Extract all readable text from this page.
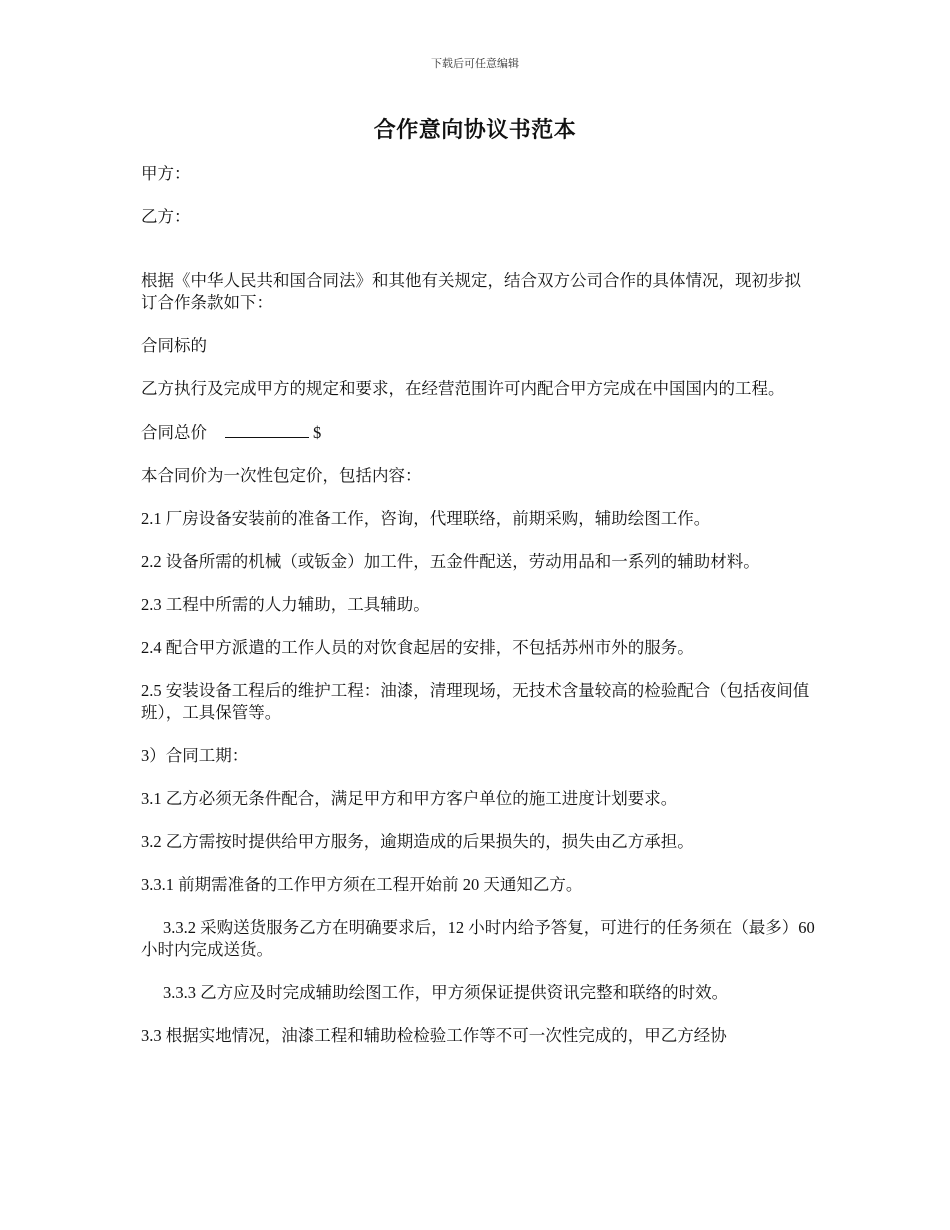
下载后可任意编辑
合作意向协议书范本

甲方：

乙方：

根据《中华人民共和国合同法》和其他有关规定，结合双方公司合作的具体情况，现初步拟订合作条款如下：

合同标的

乙方执行及完成甲方的规定和要求，在经营范围许可内配合甲方完成在中国国内的工程。

合同总价	$

本合同价为一次性包定价，包括内容：

2.1 厂房设备安装前的准备工作，咨询，代理联络，前期采购，辅助绘图工作。

2.2 设备所需的机械（或钣金）加工件，五金件配送，劳动用品和一系列的辅助材料。

2.3 工程中所需的人力辅助，工具辅助。

2.4 配合甲方派遣的工作人员的对饮食起居的安排，不包括苏州市外的服务。

2.5 安装设备工程后的维护工程：油漆，清理现场，无技术含量较高的检验配合（包括夜间值班），工具保管等。

3）合同工期：

3.1 乙方必须无条件配合，满足甲方和甲方客户单位的施工进度计划要求。

3.2 乙方需按时提供给甲方服务，逾期造成的后果损失的，损失由乙方承担。

3.3.1 前期需准备的工作甲方须在工程开始前 20 天通知乙方。

3.3.2 采购送货服务乙方在明确要求后，12 小时内给予答复，可进行的任务须在（最多）60 小时内完成送货。

3.3.3 乙方应及时完成辅助绘图工作，甲方须保证提供资讯完整和联络的时效。

3.3 根据实地情况，油漆工程和辅助检检验工作等不可一次性完成的，甲乙方经协
